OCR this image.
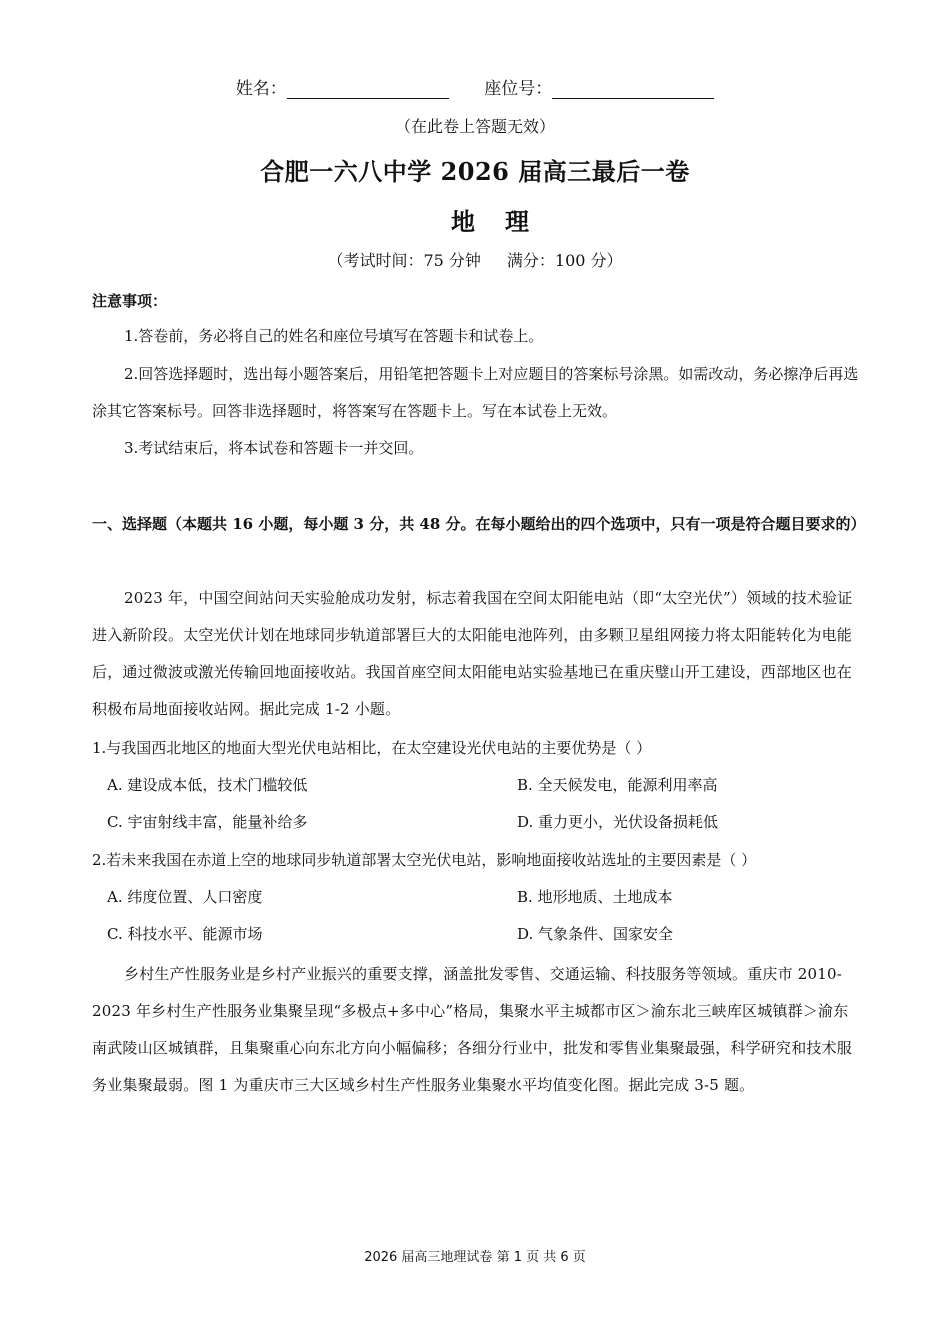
姓名：	座位号：
（在此卷上答题无效）
合肥一六八中学 2026 届高三最后一卷
地理
（考试时间：75 分钟 满分：100 分）
注意事项：
1.答卷前，务必将自己的姓名和座位号填写在答题卡和试卷上。
2.回答选择题时，选出每小题答案后，用铅笔把答题卡上对应题目的答案标号涂黑。如需改动，务必擦净后再选涂其它答案标号。回答非选择题时，将答案写在答题卡上。写在本试卷上无效。
3.考试结束后，将本试卷和答题卡一并交回。
一、选择题（本题共 16 小题，每小题 3 分，共 48 分。在每小题给出的四个选项中，只有一项是符合题目要求的）
2023 年，中国空间站问天实验舱成功发射，标志着我国在空间太阳能电站（即“太空光伏”）领域的技术验证进入新阶段。太空光伏计划在地球同步轨道部署巨大的太阳能电池阵列，由多颗卫星组网接力将太阳能转化为电能后，通过微波或激光传输回地面接收站。我国首座空间太阳能电站实验基地已在重庆璧山开工建设，西部地区也在积极布局地面接收站网。据此完成 1-2 小题。
1.与我国西北地区的地面大型光伏电站相比，在太空建设光伏电站的主要优势是（ ）
A. 建设成本低，技术门槛较低	B. 全天候发电，能源利用率高
C. 宇宙射线丰富，能量补给多	D. 重力更小，光伏设备损耗低
2.若未来我国在赤道上空的地球同步轨道部署太空光伏电站，影响地面接收站选址的主要因素是（ ）
A. 纬度位置、人口密度	B. 地形地质、土地成本
C. 科技水平、能源市场	D. 气象条件、国家安全
乡村生产性服务业是乡村产业振兴的重要支撑，涵盖批发零售、交通运输、科技服务等领域。重庆市 2010-2023 年乡村生产性服务业集聚呈现“多极点+多中心”格局，集聚水平主城都市区＞渝东北三峡库区城镇群＞渝东南武陵山区城镇群，且集聚重心向东北方向小幅偏移；各细分行业中，批发和零售业集聚最强，科学研究和技术服务业集聚最弱。图 1 为重庆市三大区域乡村生产性服务业集聚水平均值变化图。据此完成 3-5 题。
2026 届高三地理试卷 第 1 页 共 6 页
